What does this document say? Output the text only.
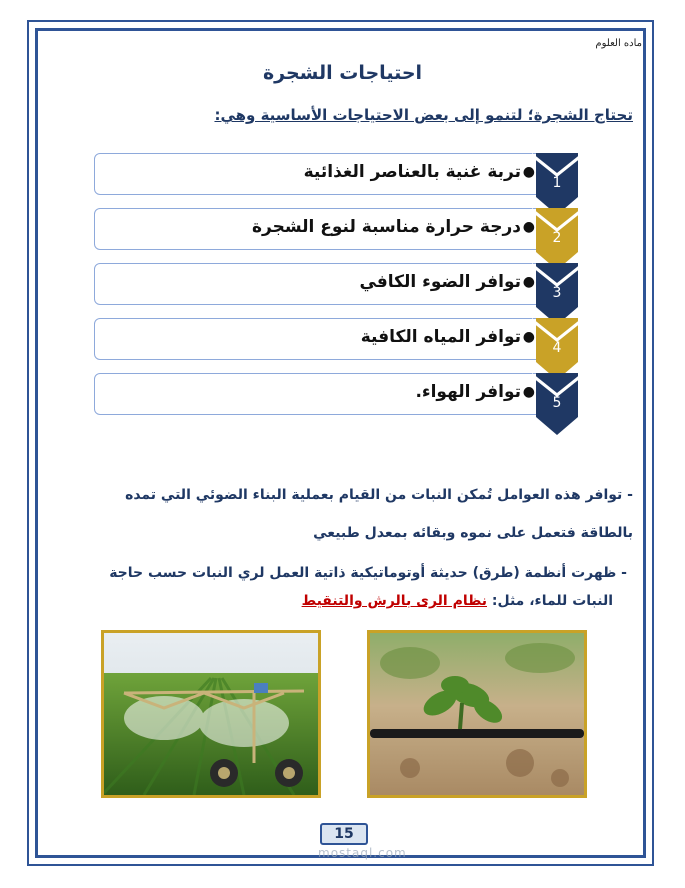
ماده العلوم
احتياجات الشجرة
تحتاج الشجرة؛ لتنمو إلى بعض الاحتياجات الأساسية وهي:
●
تربة غنية بالعناصر الغذائية
1
●
درجة حرارة مناسبة لنوع الشجرة
2
●
توافر الضوء الكافي
3
●
توافر المياه الكافية
4
●
توافر الهواء.
5
- توافر هذه العوامل تُمكن النبات من القيام بعملية البناء الضوئي التي تمده
بالطاقة فتعمل على نموه وبقائه بمعدل طبيعي
- ظهرت أنظمة (طرق) حديثة أوتوماتيكية ذاتية العمل لري النبات حسب حاجة
النبات للماء، مثل: نظام الرى بالرش والتنقيط
15
mostaql.com
